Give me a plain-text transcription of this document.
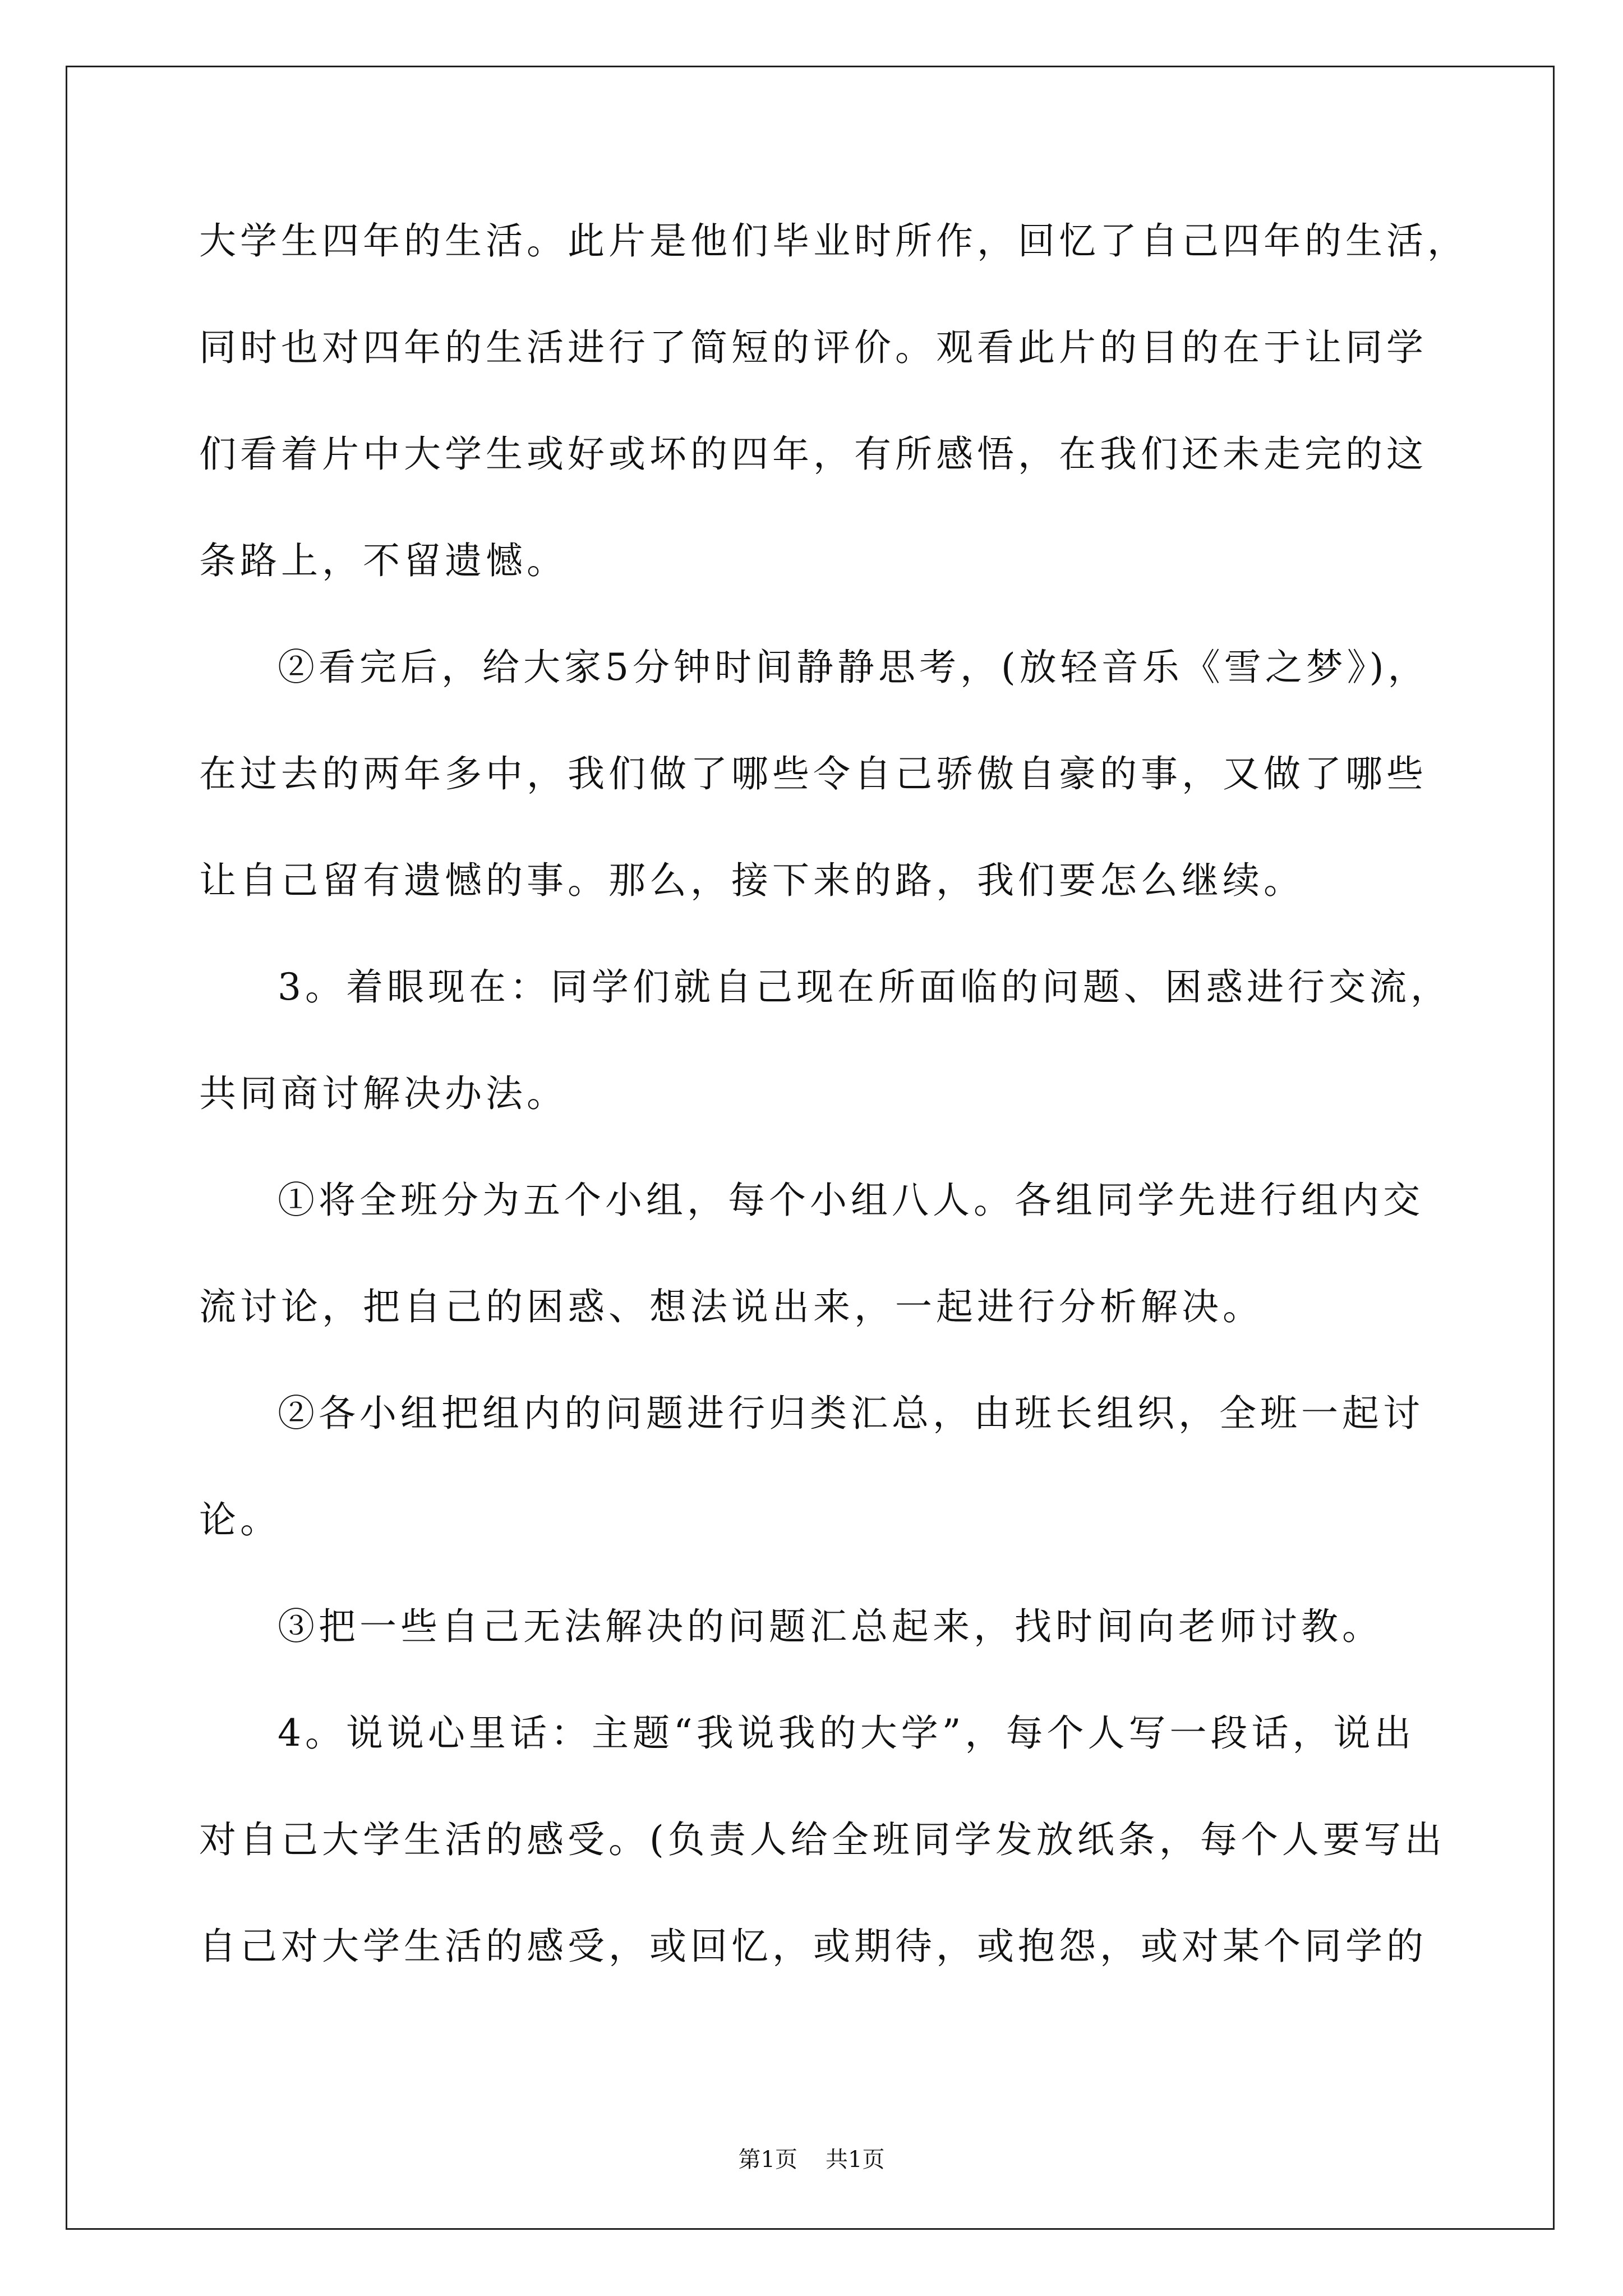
大学生四年的生活。此片是他们毕业时所作，回忆了自己四年的生活，
同时也对四年的生活进行了简短的评价。观看此片的目的在于让同学
们看着片中大学生或好或坏的四年，有所感悟，在我们还未走完的这
条路上，不留遗憾。
②看完后，给大家5分钟时间静静思考，(放轻音乐《雪之梦》)，
在过去的两年多中，我们做了哪些令自己骄傲自豪的事，又做了哪些
让自己留有遗憾的事。那么，接下来的路，我们要怎么继续。
3。着眼现在：同学们就自己现在所面临的问题、困惑进行交流，
共同商讨解决办法。
①将全班分为五个小组，每个小组八人。各组同学先进行组内交
流讨论，把自己的困惑、想法说出来，一起进行分析解决。
②各小组把组内的问题进行归类汇总，由班长组织，全班一起讨
论。
③把一些自己无法解决的问题汇总起来，找时间向老师讨教。
4。说说心里话：主题“我说我的大学”，每个人写一段话，说出
对自己大学生活的感受。(负责人给全班同学发放纸条，每个人要写出
自己对大学生活的感受，或回忆，或期待，或抱怨，或对某个同学的
第1页 共1页
